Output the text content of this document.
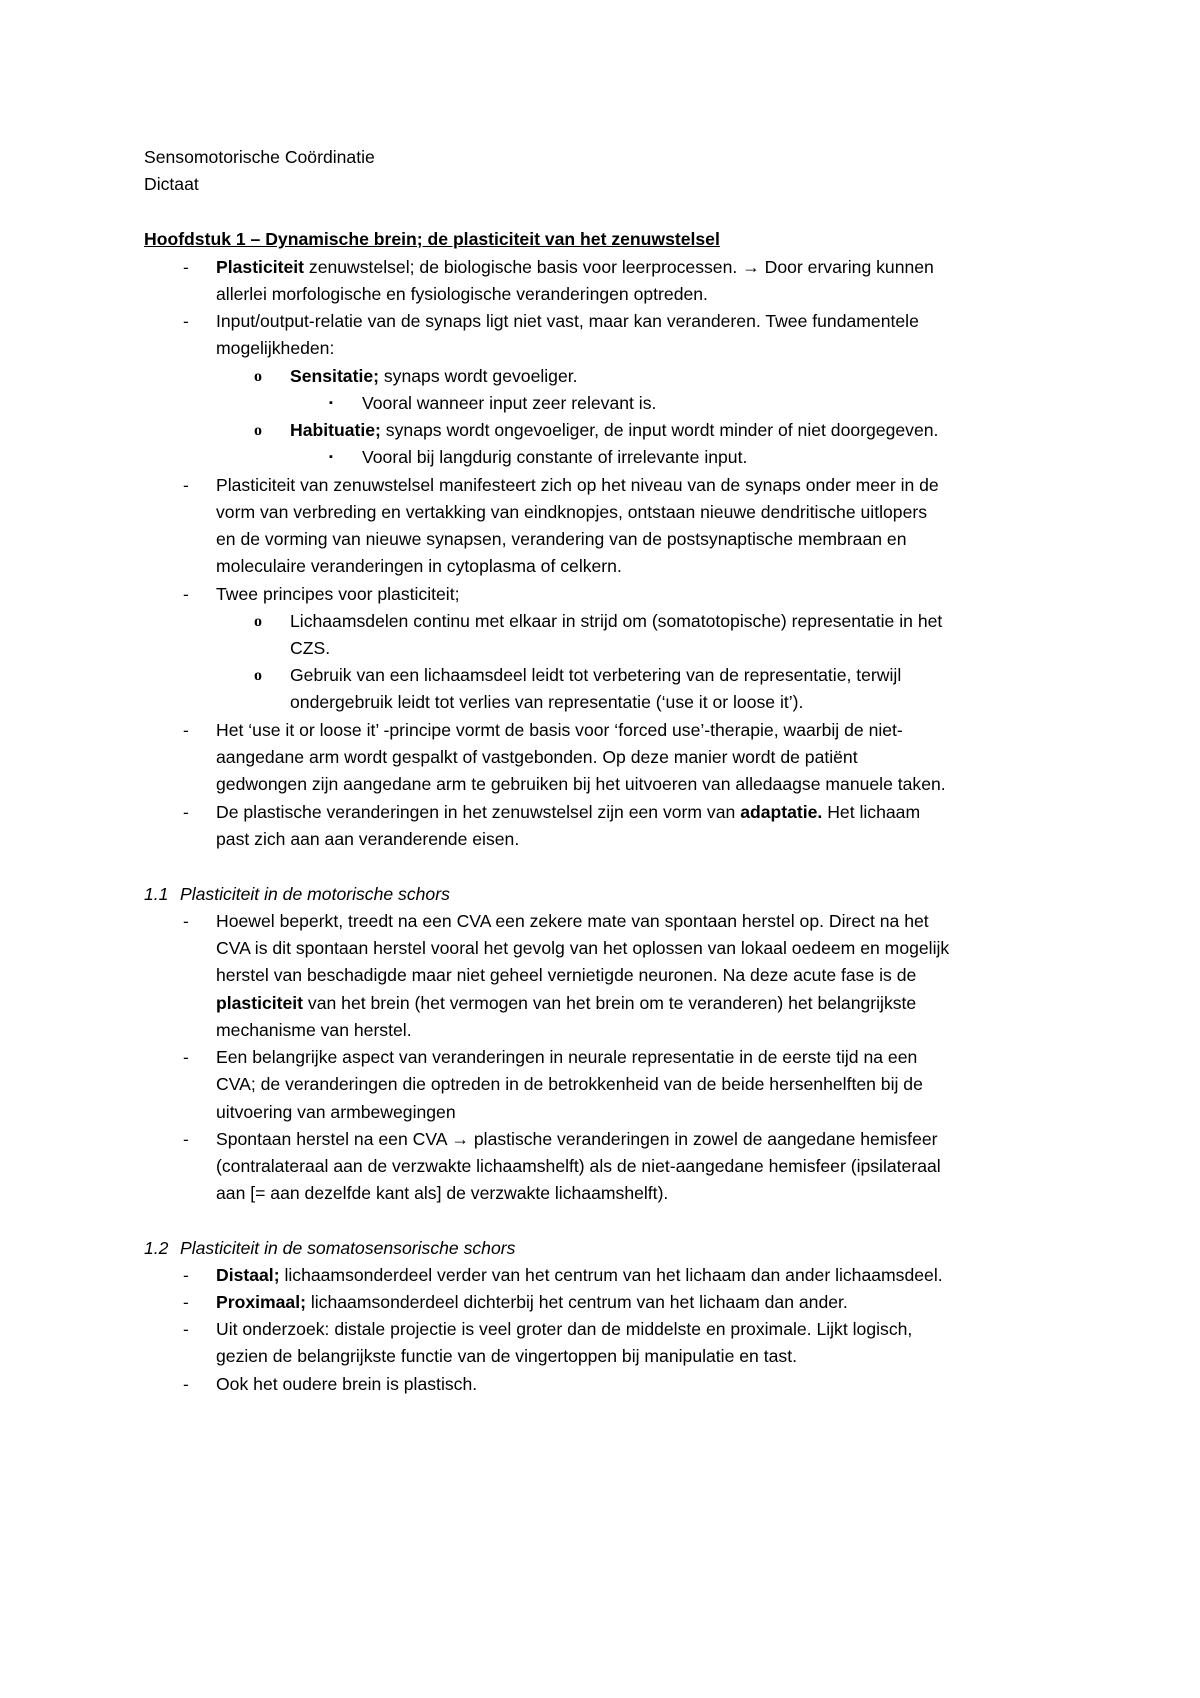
Sensomotorische Coördinatie
Dictaat
Hoofdstuk 1 – Dynamische brein; de plasticiteit van het zenuwstelsel
- Plasticiteit zenuwstelsel; de biologische basis voor leerprocessen. → Door ervaring kunnen
allerlei morfologische en fysiologische veranderingen optreden.
- Input/output-relatie van de synaps ligt niet vast, maar kan veranderen. Twee fundamentele
mogelijkheden:
o Sensitatie; synaps wordt gevoeliger.
▪ Vooral wanneer input zeer relevant is.
o Habituatie; synaps wordt ongevoeliger, de input wordt minder of niet doorgegeven.
▪ Vooral bij langdurig constante of irrelevante input.
- Plasticiteit van zenuwstelsel manifesteert zich op het niveau van de synaps onder meer in de
vorm van verbreding en vertakking van eindknopjes, ontstaan nieuwe dendritische uitlopers
en de vorming van nieuwe synapsen, verandering van de postsynaptische membraan en
moleculaire veranderingen in cytoplasma of celkern.
- Twee principes voor plasticiteit;
o Lichaamsdelen continu met elkaar in strijd om (somatotopische) representatie in het
CZS.
o Gebruik van een lichaamsdeel leidt tot verbetering van de representatie, terwijl
ondergebruik leidt tot verlies van representatie (‘use it or loose it’).
- Het ‘use it or loose it’ -principe vormt de basis voor ‘forced use’-therapie, waarbij de niet-
aangedane arm wordt gespalkt of vastgebonden. Op deze manier wordt de patiënt
gedwongen zijn aangedane arm te gebruiken bij het uitvoeren van alledaagse manuele taken.
- De plastische veranderingen in het zenuwstelsel zijn een vorm van adaptatie. Het lichaam
past zich aan aan veranderende eisen.
1.1 Plasticiteit in de motorische schors
- Hoewel beperkt, treedt na een CVA een zekere mate van spontaan herstel op. Direct na het
CVA is dit spontaan herstel vooral het gevolg van het oplossen van lokaal oedeem en mogelijk
herstel van beschadigde maar niet geheel vernietigde neuronen. Na deze acute fase is de
plasticiteit van het brein (het vermogen van het brein om te veranderen) het belangrijkste
mechanisme van herstel.
- Een belangrijke aspect van veranderingen in neurale representatie in de eerste tijd na een
CVA; de veranderingen die optreden in de betrokkenheid van de beide hersenhelften bij de
uitvoering van armbewegingen
- Spontaan herstel na een CVA → plastische veranderingen in zowel de aangedane hemisfeer
(contralateraal aan de verzwakte lichaamshelft) als de niet-aangedane hemisfeer (ipsilateraal
aan [= aan dezelfde kant als] de verzwakte lichaamshelft).
1.2 Plasticiteit in de somatosensorische schors
- Distaal; lichaamsonderdeel verder van het centrum van het lichaam dan ander lichaamsdeel.
- Proximaal; lichaamsonderdeel dichterbij het centrum van het lichaam dan ander.
- Uit onderzoek: distale projectie is veel groter dan de middelste en proximale. Lijkt logisch,
gezien de belangrijkste functie van de vingertoppen bij manipulatie en tast.
- Ook het oudere brein is plastisch.
